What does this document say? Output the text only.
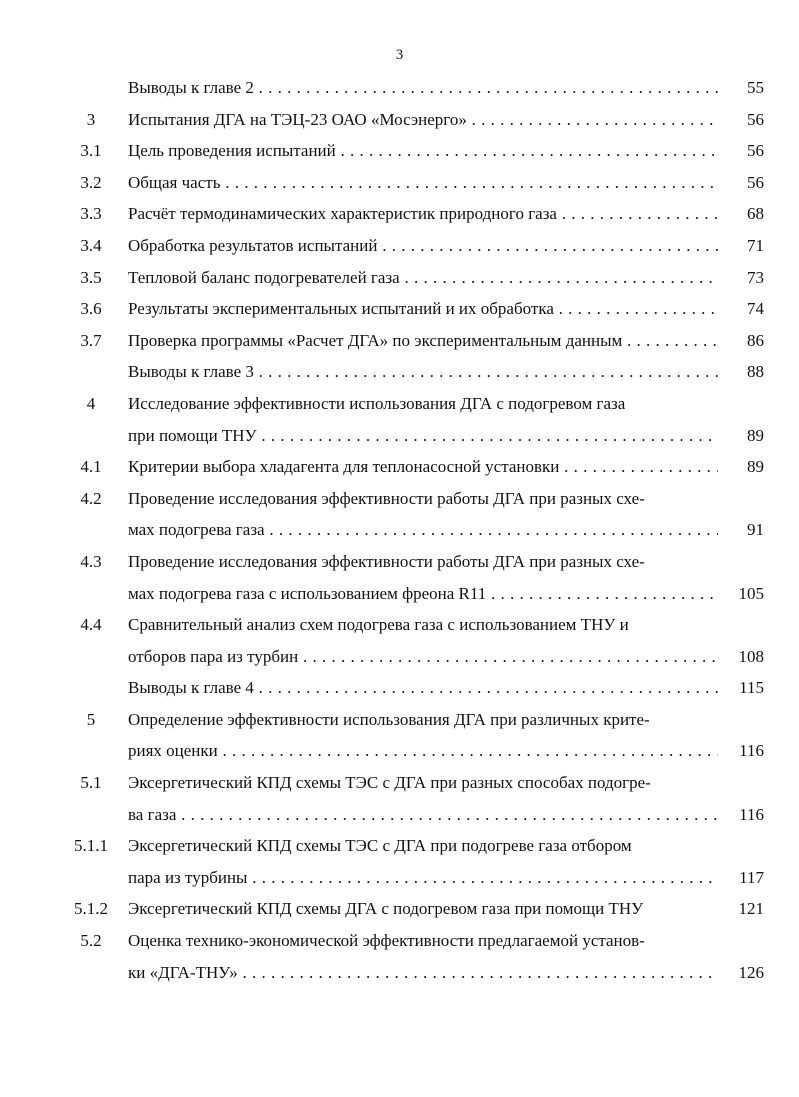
3
Выводы к главе 2 . . .	55
3	Испытания ДГА на ТЭЦ-23 ОАО «Мосэнерго» . . .	56
3.1	Цель проведения испытаний . . .	56
3.2	Общая часть . . .	56
3.3	Расчёт термодинамических характеристик природного газа . . .	68
3.4	Обработка результатов испытаний . . .	71
3.5	Тепловой баланс подогревателей газа . . .	73
3.6	Результаты экспериментальных испытаний и их обработка . . .	74
3.7	Проверка программы «Расчет ДГА» по экспериментальным данным . . .	86
Выводы к главе 3 . . .	88
4	Исследование эффективности использования ДГА с подогревом газа
при помощи ТНУ . . .	89
4.1	Критерии выбора хладагента для теплонасосной установки . . .	89
4.2	Проведение исследования эффективности работы ДГА при разных схе-
мах подогрева газа . . .	91
4.3	Проведение исследования эффективности работы ДГА при разных схе-
мах подогрева газа с использованием фреона R11 . . .	105
4.4	Сравнительный анализ схем подогрева газа с использованием ТНУ и
отборов пара из турбин . . .	108
Выводы к главе 4 . . .	115
5	Определение эффективности использования ДГА при различных крите-
риях оценки . . .	116
5.1	Эксергетический КПД схемы ТЭС с ДГА при разных способах подогре-
ва газа . . .	116
5.1.1	Эксергетический КПД схемы ТЭС с ДГА при подогреве газа отбором
пара из турбины . . .	117
5.1.2	Эксергетический КПД схемы ДГА с подогревом газа при помощи ТНУ	121
5.2	Оценка технико-экономической эффективности предлагаемой установ-
ки «ДГА-ТНУ» . . .	126
